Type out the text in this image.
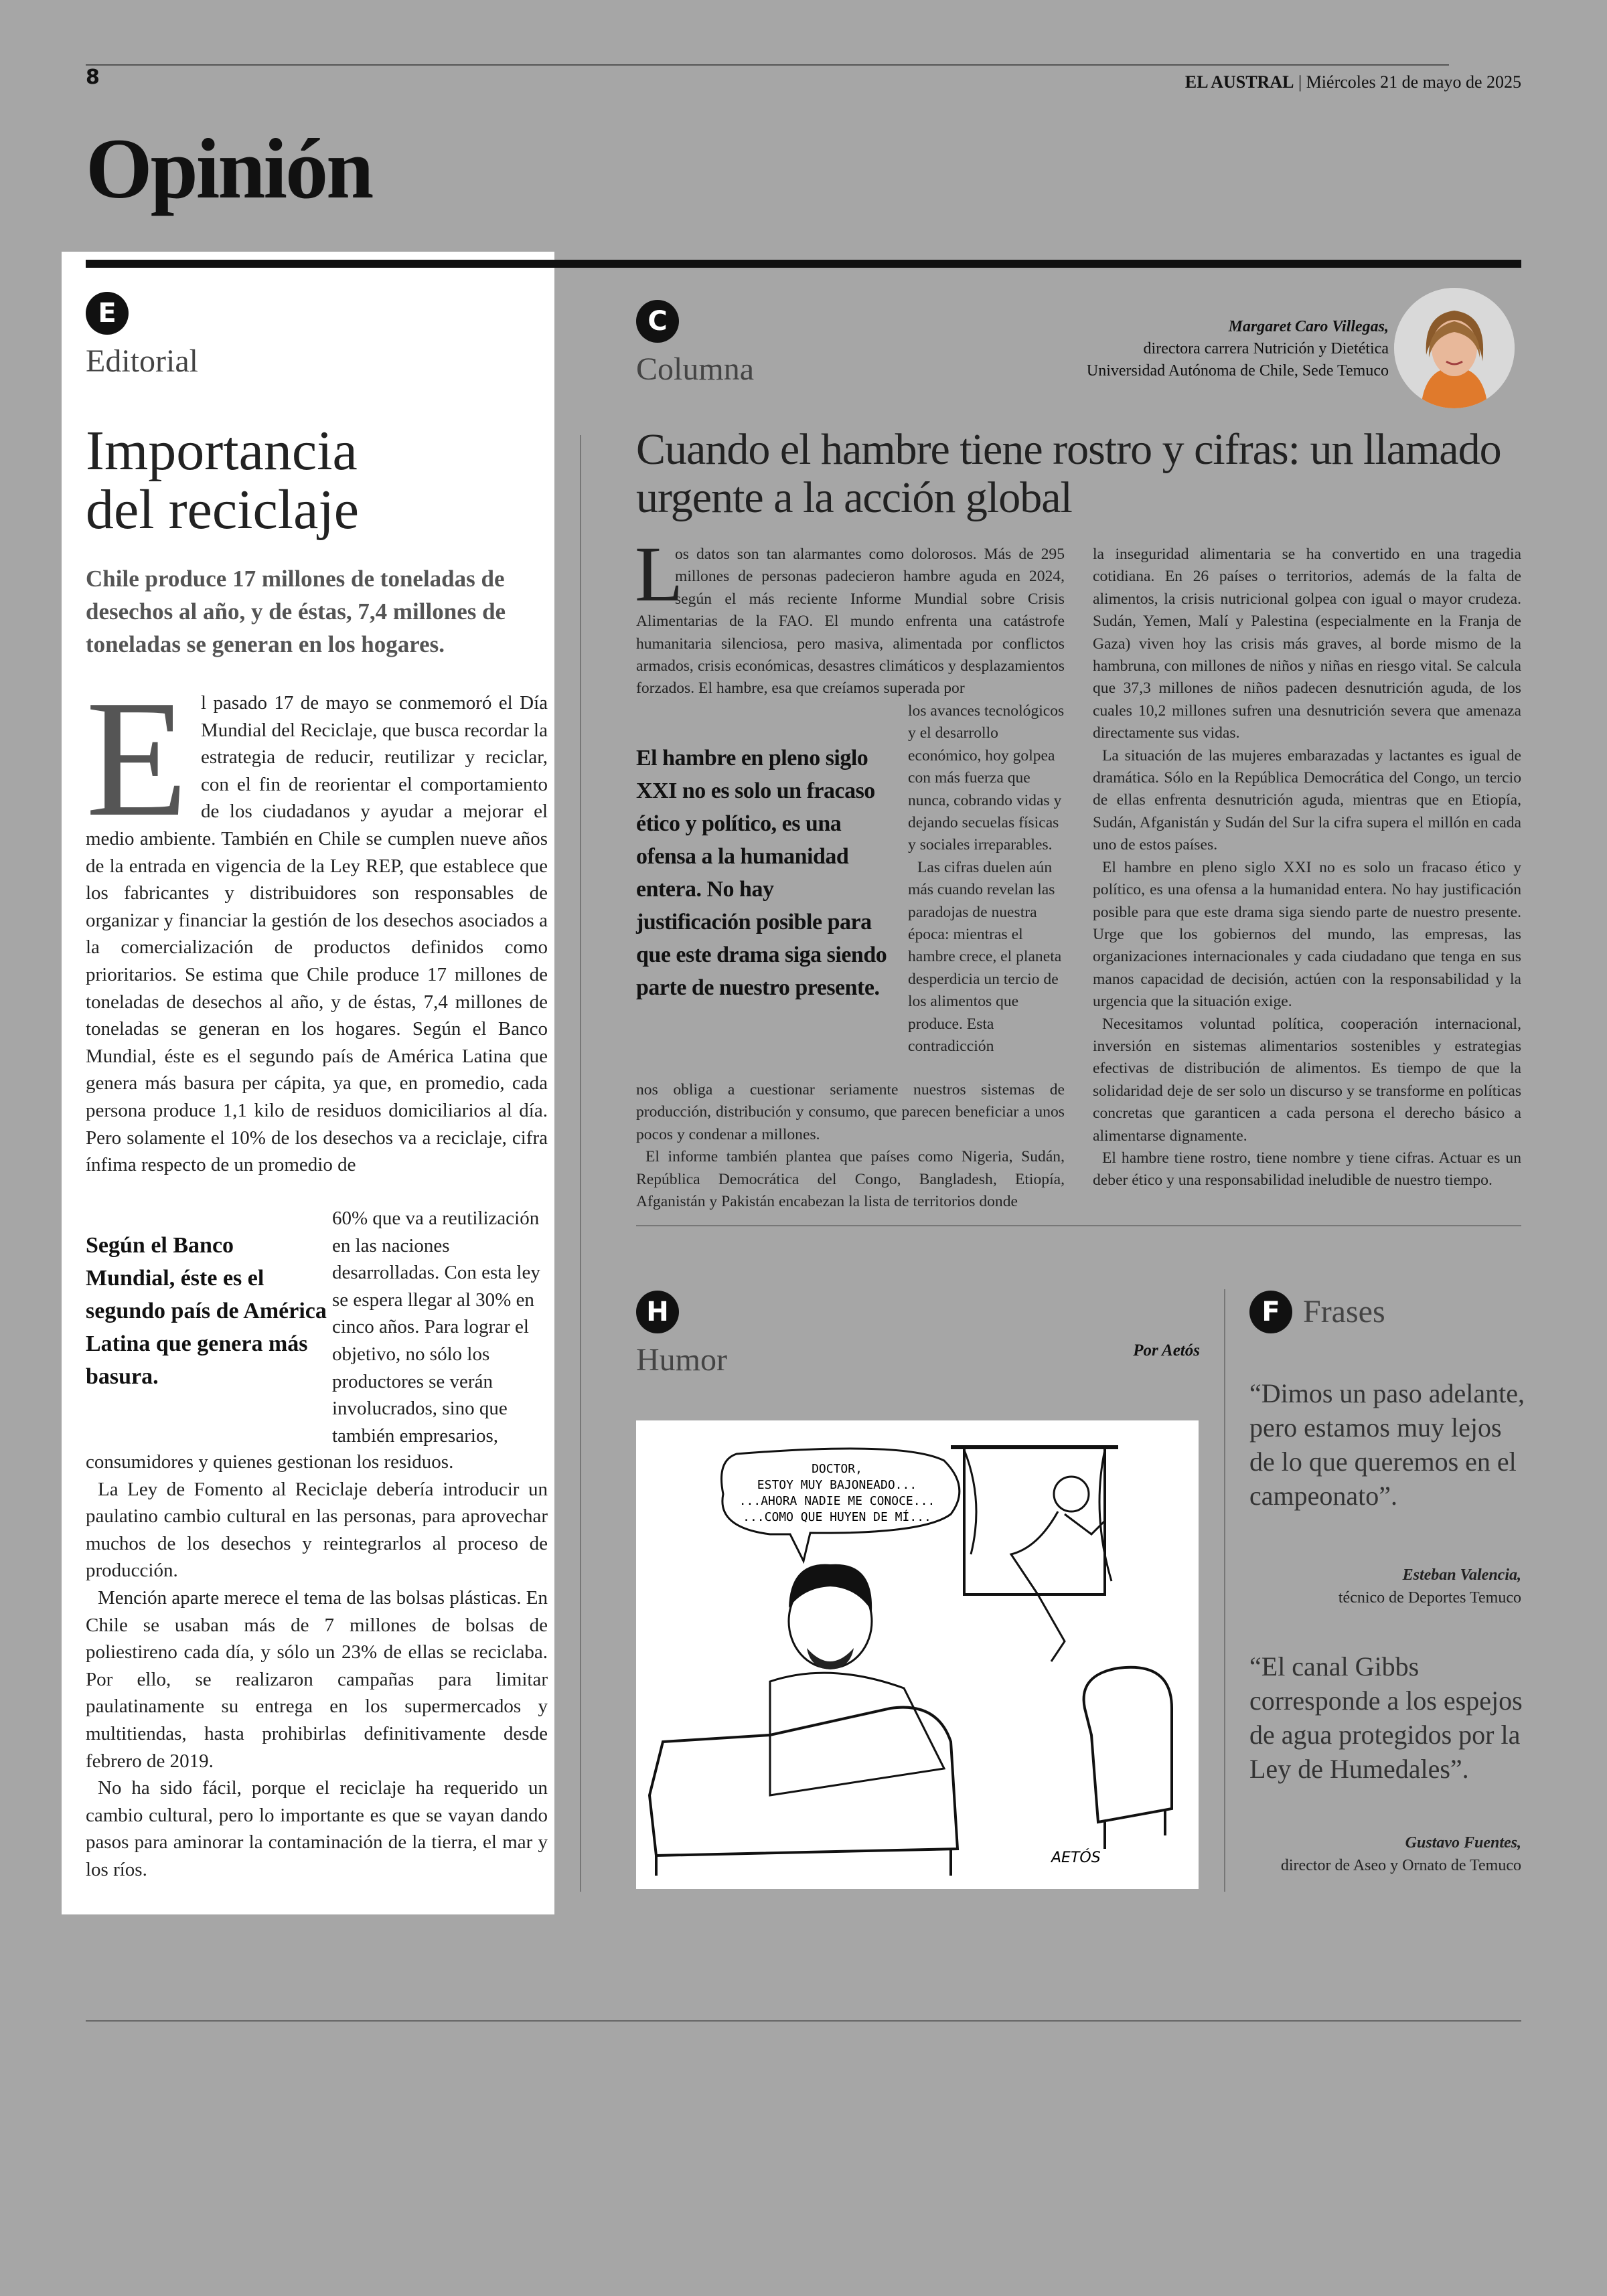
8	EL AUSTRAL | Miércoles 21 de mayo de 2025
Opinión
E
Editorial
Importancia
del reciclaje
Chile produce 17 millones de toneladas de desechos al año, y de éstas, 7,4 millones de toneladas se generan en los hogares.
E l pasado 17 de mayo se conmemoró el Día Mundial del Reciclaje, que busca recordar la estrategia de reducir, reutilizar y reciclar, con el fin de reorientar el comportamiento de los ciudadanos y ayudar a mejorar el medio ambiente. También en Chile se cumplen nueve años de la entrada en vigencia de la Ley REP, que establece que los fabricantes y distribuidores son responsables de organizar y financiar la gestión de los desechos asociados a la comercialización de productos definidos como prioritarios. Se estima que Chile produce 17 millones de toneladas de desechos al año, y de éstas, 7,4 millones de toneladas se generan en los hogares. Según el Banco Mundial, éste es el segundo país de América Latina que genera más basura per cápita, ya que, en promedio, cada persona produce 1,1 kilo de residuos domiciliarios al día. Pero solamente el 10% de los desechos va a reciclaje, cifra ínfima respecto de un promedio de
Según el Banco Mundial, éste es el segundo país de América Latina que genera más basura.
60% que va a reutilización en las naciones desarrolladas. Con esta ley se espera llegar al 30% en cinco años. Para lograr el objetivo, no sólo los productores se verán involucrados, sino que también empresarios,

consumidores y quienes gestionan los residuos.

La Ley de Fomento al Reciclaje debería introducir un paulatino cambio cultural en las personas, para aprovechar muchos de los desechos y reintegrarlos al proceso de producción.

Mención aparte merece el tema de las bolsas plásticas. En Chile se usaban más de 7 millones de bolsas de poliestireno cada día, y sólo un 23% de ellas se reciclaba. Por ello, se realizaron campañas para limitar paulatinamente su entrega en los supermercados y multitiendas, hasta prohibirlas definitivamente desde febrero de 2019.

No ha sido fácil, porque el reciclaje ha requerido un cambio cultural, pero lo importante es que se vayan dando pasos para aminorar la contaminación de la tierra, el mar y los ríos.

C
Columna
Margaret Caro Villegas,
directora carrera Nutrición y Dietética
Universidad Autónoma de Chile, Sede Temuco
Cuando el hambre tiene rostro y cifras: un llamado urgente a la acción global
L
os datos son tan alarmantes como dolorosos. Más de 295 millones de personas padecieron hambre aguda en 2024, según el más reciente Informe Mundial sobre Crisis Alimentarias de la FAO. El mundo enfrenta una catástrofe humanitaria silenciosa, pero masiva, alimentada por conflictos armados, crisis económicas, desastres climáticos y desplazamientos forzados. El hambre, esa que creíamos superada por
El hambre en pleno siglo XXI no es solo un fracaso ético y político, es una ofensa a la humanidad entera. No hay justificación posible para que este drama siga siendo parte de nuestro presente.

los avances tecnológicos y el desarrollo económico, hoy golpea con más fuerza que nunca, cobrando vidas y dejando secuelas físicas y sociales irreparables.

Las cifras duelen aún más cuando revelan las paradojas de nuestra época: mientras el hambre crece, el planeta desperdicia un tercio de los alimentos que produce. Esta contradicción

nos obliga a cuestionar seriamente nuestros sistemas de producción, distribución y consumo, que parecen beneficiar a unos pocos y condenar a millones.

El informe también plantea que países como Nigeria, Sudán, República Democrática del Congo, Bangladesh, Etiopía, Afganistán y Pakistán encabezan la lista de territorios donde

la inseguridad alimentaria se ha convertido en una tragedia cotidiana. En 26 países o territorios, además de la falta de alimentos, la crisis nutricional golpea con igual o mayor crudeza. Sudán, Yemen, Malí y Palestina (especialmente en la Franja de Gaza) viven hoy las crisis más graves, al borde mismo de la hambruna, con millones de niños y niñas en riesgo vital. Se calcula que 37,3 millones de niños padecen desnutrición aguda, de los cuales 10,2 millones sufren una desnutrición severa que amenaza directamente sus vidas.

La situación de las mujeres embarazadas y lactantes es igual de dramática. Sólo en la República Democrática del Congo, un tercio de ellas enfrenta desnutrición aguda, mientras que en Etiopía, Sudán, Afganistán y Sudán del Sur la cifra supera el millón en cada uno de estos países.

El hambre en pleno siglo XXI no es solo un fracaso ético y político, es una ofensa a la humanidad entera. No hay justificación posible para que este drama siga siendo parte de nuestro presente. Urge que los gobiernos del mundo, las empresas, las organizaciones internacionales y cada ciudadano que tenga en sus manos capacidad de decisión, actúen con la responsabilidad y la urgencia que la situación exige.

Necesitamos voluntad política, cooperación internacional, inversión en sistemas alimentarios sostenibles y estrategias efectivas de distribución de alimentos. Es tiempo de que la solidaridad deje de ser solo un discurso y se transforme en políticas concretas que garanticen a cada persona el derecho básico a alimentarse dignamente.

El hambre tiene rostro, tiene nombre y tiene cifras. Actuar es un deber ético y una responsabilidad ineludible de nuestro tiempo.

H
Humor	Por Aetós
DOCTOR,
ESTOY MUY BAJONEADO...
...AHORA NADIE ME CONOCE...
...COMO QUE HUYEN DE MÍ...
AETÓS
F Frases
“Dimos un paso adelante, pero estamos muy lejos de lo que queremos en el campeonato”.
Esteban Valencia,
técnico de Deportes Temuco
“El canal Gibbs corresponde a los espejos de agua protegidos por la Ley de Humedales”.
Gustavo Fuentes,
director de Aseo y Ornato de Temuco
